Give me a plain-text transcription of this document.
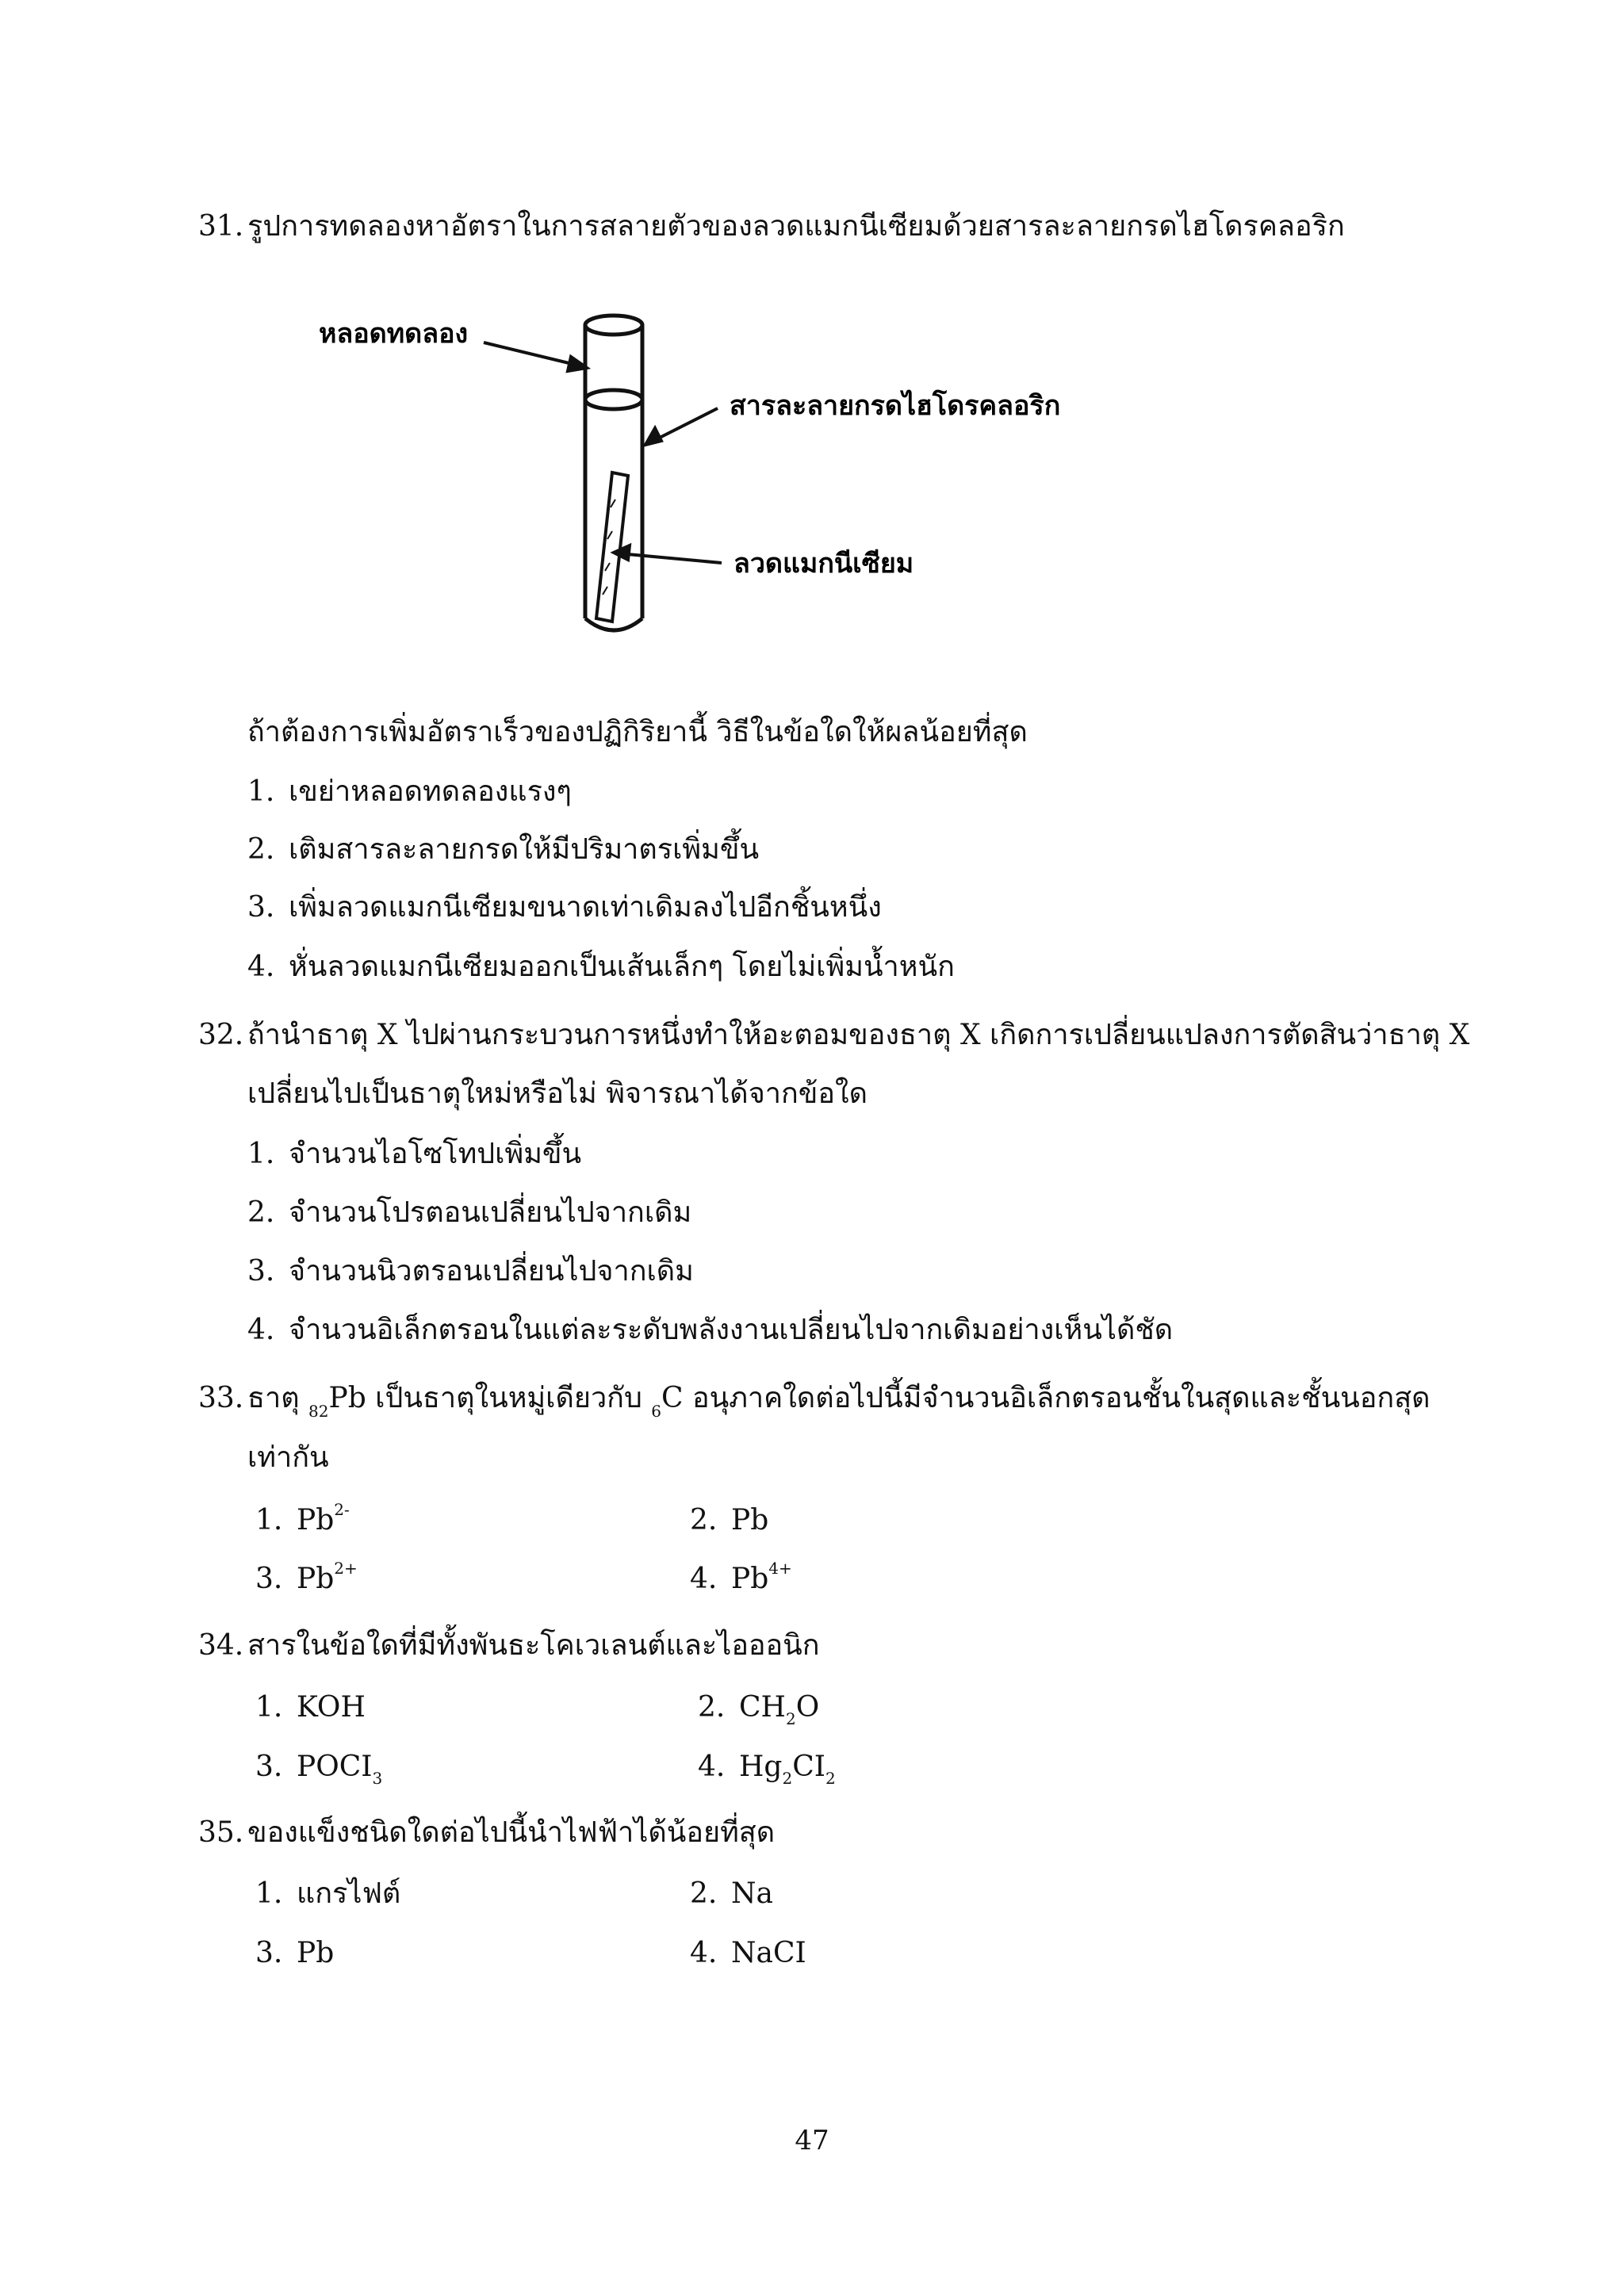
31. รูปการทดลองหาอัตราในการสลายตัวของลวดแมกนีเซียมด้วยสารละลายกรดไฮโดรคลอริก
หลอดทดลอง
สารละลายกรดไฮโดรคลอริก
ลวดแมกนีเซียม
ถ้าต้องการเพิ่มอัตราเร็วของปฏิกิริยานี้ วิธีในข้อใดให้ผลน้อยที่สุด
1. เขย่าหลอดทดลองแรงๆ
2. เติมสารละลายกรดให้มีปริมาตรเพิ่มขึ้น
3. เพิ่มลวดแมกนีเซียมขนาดเท่าเดิมลงไปอีกชิ้นหนึ่ง
4. หั่นลวดแมกนีเซียมออกเป็นเส้นเล็กๆ โดยไม่เพิ่มน้ำหนัก
32. ถ้านำธาตุ X ไปผ่านกระบวนการหนึ่งทำให้อะตอมของธาตุ X เกิดการเปลี่ยนแปลงการตัดสินว่าธาตุ X
เปลี่ยนไปเป็นธาตุใหม่หรือไม่ พิจารณาได้จากข้อใด
1. จำนวนไอโซโทปเพิ่มขึ้น
2. จำนวนโปรตอนเปลี่ยนไปจากเดิม
3. จำนวนนิวตรอนเปลี่ยนไปจากเดิม
4. จำนวนอิเล็กตรอนในแต่ละระดับพลังงานเปลี่ยนไปจากเดิมอย่างเห็นได้ชัด
33. ธาตุ $_{82}$Pb เป็นธาตุในหมู่เดียวกับ $_6$C อนุภาคใดต่อไปนี้มีจำนวนอิเล็กตรอนชั้นในสุดและชั้นนอกสุด
เท่ากัน
1. $Pb^{2-}$	2. Pb
3. $Pb^{2+}$	4. $Pb^{4+}$
34. สารในข้อใดที่มีทั้งพันธะโคเวเลนต์และไอออนิก
1. KOH	2. $CH_2O$
3. $POCI_3$	4. $Hg_2CI_2$
35. ของแข็งชนิดใดต่อไปนี้นำไฟฟ้าได้น้อยที่สุด
1. แกรไฟต์	2. Na
3. Pb	4. NaCI
47
